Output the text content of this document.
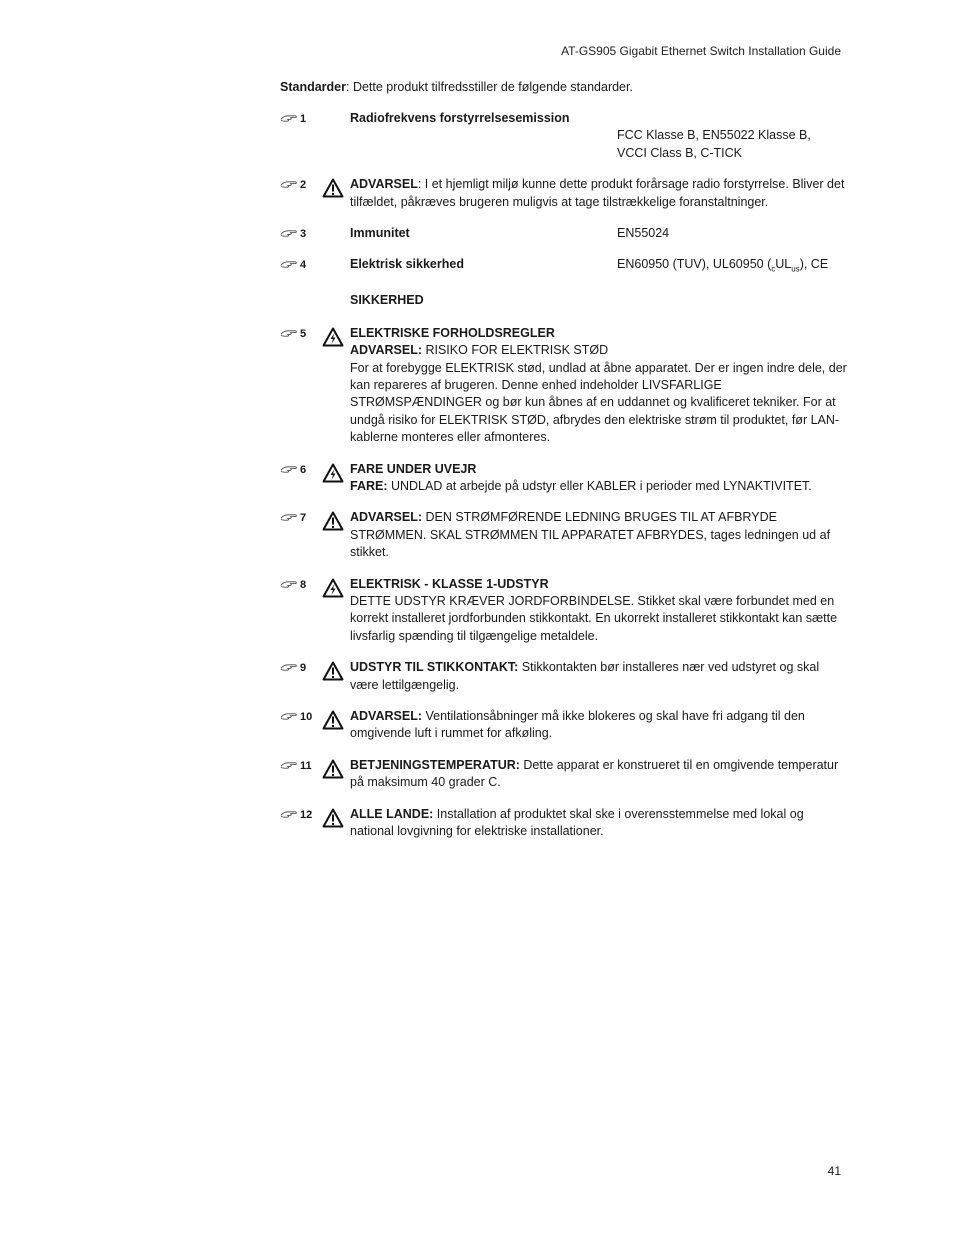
AT-GS905 Gigabit Ethernet Switch Installation Guide
Standarder: Dette produkt tilfredsstiller de følgende standarder.
1	Radiofrekvens forstyrrelsesemission
FCC Klasse B, EN55022 Klasse B,
VCCI Class B, C-TICK
2	ADVARSEL: I et hjemligt miljø kunne dette produkt forårsage radio forstyrrelse. Bliver det tilfældet, påkræves brugeren muligvis at tage tilstrækkelige foranstaltninger.
3	Immunitet	EN55024
4	Elektrisk sikkerhed	EN60950 (TUV), UL60950 $(_cUL_{us})$, CE
SIKKERHED
5	ELEKTRISKE FORHOLDSREGLER
ADVARSEL: RISIKO FOR ELEKTRISK STØD
For at forebygge ELEKTRISK stød, undlad at åbne apparatet. Der er ingen indre dele, der kan repareres af brugeren. Denne enhed indeholder LIVSFARLIGE STRØMSPÆNDINGER og bør kun åbnes af en uddannet og kvalificeret tekniker. For at undgå risiko for ELEKTRISK STØD, afbrydes den elektriske strøm til produktet, før LAN-kablerne monteres eller afmonteres.
6	FARE UNDER UVEJR
FARE: UNDLAD at arbejde på udstyr eller KABLER i perioder med LYNAKTIVITET.
7	ADVARSEL: DEN STRØMFØRENDE LEDNING BRUGES TIL AT AFBRYDE STRØMMEN. SKAL STRØMMEN TIL APPARATET AFBRYDES, tages ledningen ud af stikket.
8	ELEKTRISK - KLASSE 1-UDSTYR
DETTE UDSTYR KRÆVER JORDFORBINDELSE. Stikket skal være forbundet med en korrekt installeret jordforbunden stikkontakt. En ukorrekt installeret stikkontakt kan sætte livsfarlig spænding til tilgængelige metaldele.
9	UDSTYR TIL STIKKONTAKT: Stikkontakten bør installeres nær ved udstyret og skal være lettilgængelig.
10	ADVARSEL: Ventilationsåbninger må ikke blokeres og skal have fri adgang til den omgivende luft i rummet for afkøling.
11	BETJENINGSTEMPERATUR: Dette apparat er konstrueret til en omgivende temperatur på maksimum 40 grader C.
12	ALLE LANDE: Installation af produktet skal ske i overensstemmelse med lokal og national lovgivning for elektriske installationer.
41
